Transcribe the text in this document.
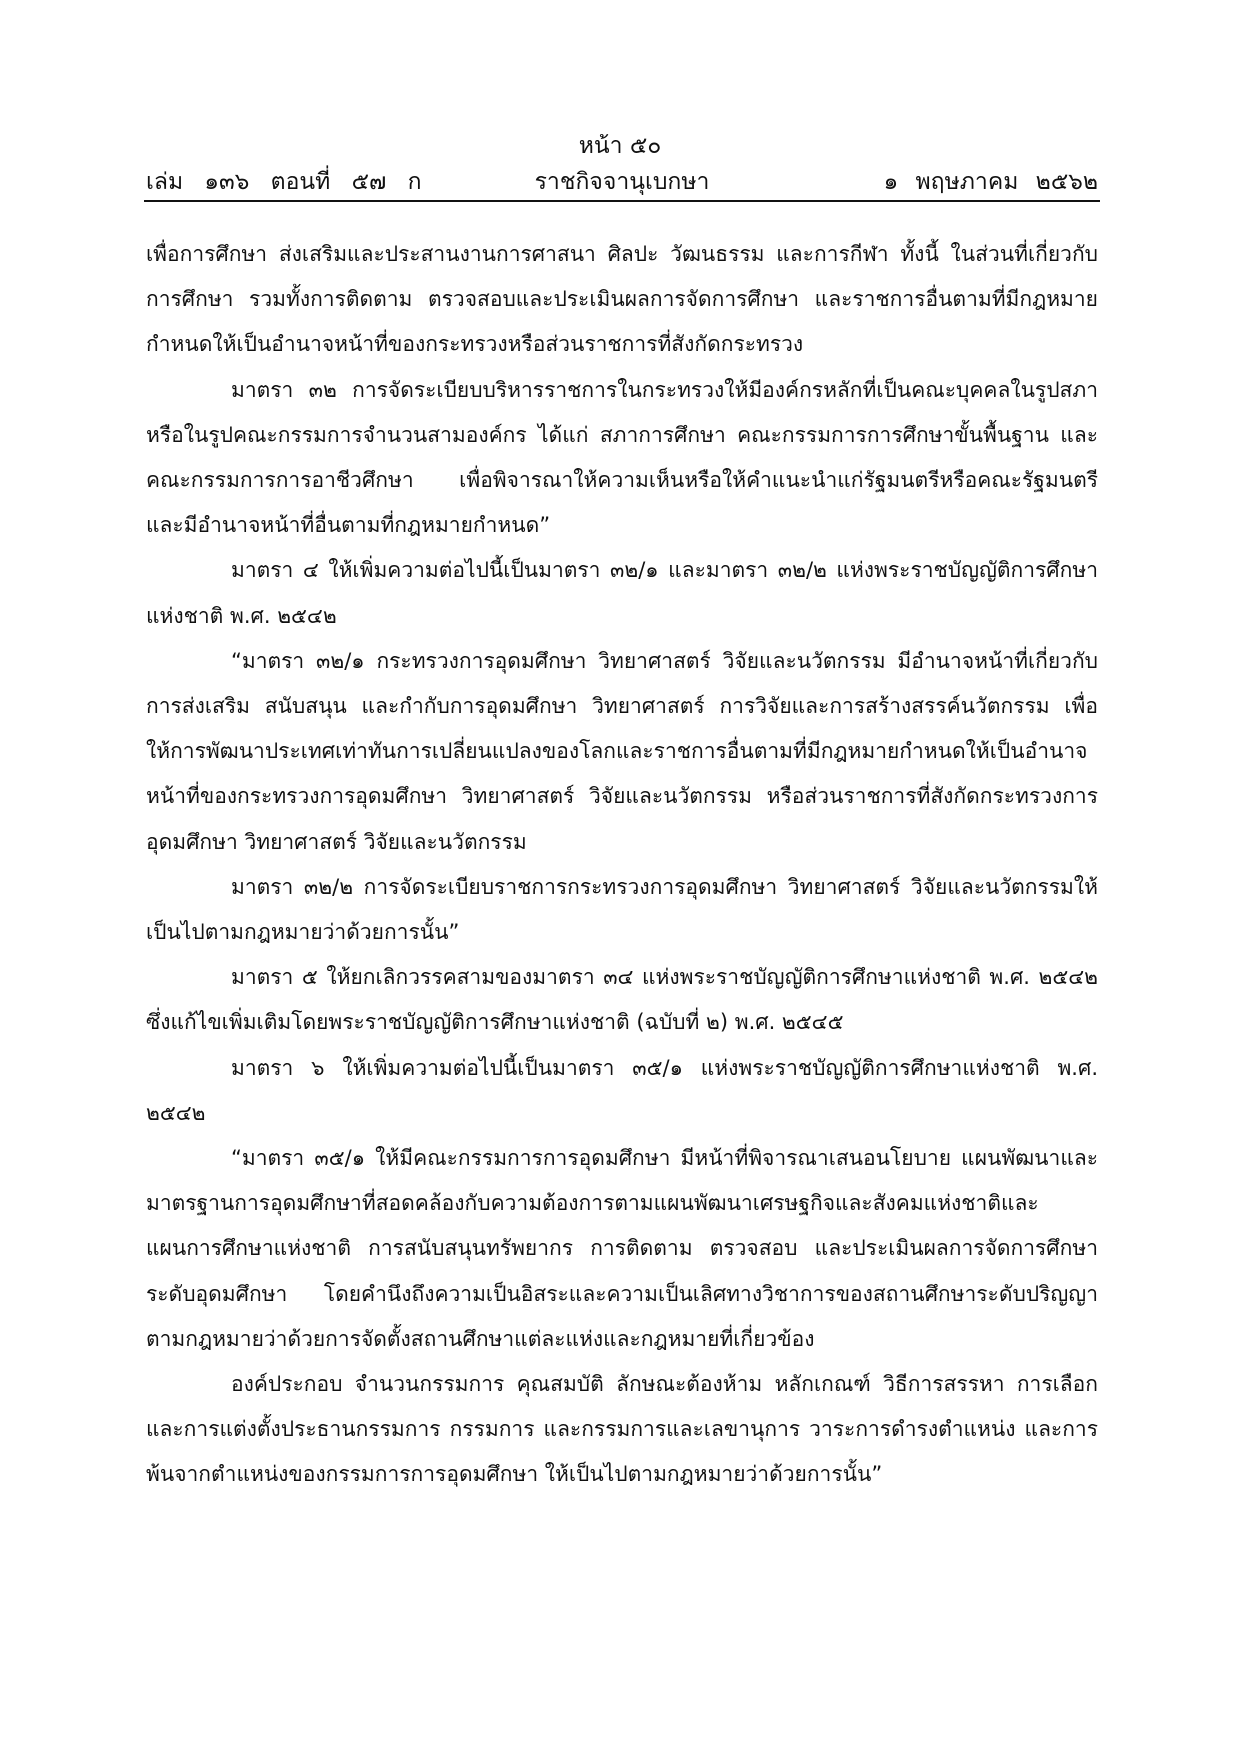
หน้า ๕๐
เล่ม ๑๓๖ ตอนที่ ๕๗ ก	ราชกิจจานุเบกษา	๑ พฤษภาคม ๒๕๖๒

เพื่อการศึกษา ส่งเสริมและประสานงานการศาสนา ศิลปะ วัฒนธรรม และการกีฬา ทั้งนี้ ในส่วนที่เกี่ยวกับการศึกษา รวมทั้งการติดตาม ตรวจสอบและประเมินผลการจัดการศึกษา และราชการอื่นตามที่มีกฎหมายกำหนดให้เป็นอำนาจหน้าที่ของกระทรวงหรือส่วนราชการที่สังกัดกระทรวง

มาตรา ๓๒ การจัดระเบียบบริหารราชการในกระทรวงให้มีองค์กรหลักที่เป็นคณะบุคคลในรูปสภาหรือในรูปคณะกรรมการจำนวนสามองค์กร ได้แก่ สภาการศึกษา คณะกรรมการการศึกษาขั้นพื้นฐาน และคณะกรรมการการอาชีวศึกษา เพื่อพิจารณาให้ความเห็นหรือให้คำแนะนำแก่รัฐมนตรีหรือคณะรัฐมนตรี และมีอำนาจหน้าที่อื่นตามที่กฎหมายกำหนด”

มาตรา ๔ ให้เพิ่มความต่อไปนี้เป็นมาตรา ๓๒/๑ และมาตรา ๓๒/๒ แห่งพระราชบัญญัติการศึกษาแห่งชาติ พ.ศ. ๒๕๔๒

“มาตรา ๓๒/๑ กระทรวงการอุดมศึกษา วิทยาศาสตร์ วิจัยและนวัตกรรม มีอำนาจหน้าที่เกี่ยวกับการส่งเสริม สนับสนุน และกำกับการอุดมศึกษา วิทยาศาสตร์ การวิจัยและการสร้างสรรค์นวัตกรรม เพื่อให้การพัฒนาประเทศเท่าทันการเปลี่ยนแปลงของโลกและราชการอื่นตามที่มีกฎหมายกำหนดให้เป็นอำนาจหน้าที่ของกระทรวงการอุดมศึกษา วิทยาศาสตร์ วิจัยและนวัตกรรม หรือส่วนราชการที่สังกัดกระทรวงการอุดมศึกษา วิทยาศาสตร์ วิจัยและนวัตกรรม

มาตรา ๓๒/๒ การจัดระเบียบราชการกระทรวงการอุดมศึกษา วิทยาศาสตร์ วิจัยและนวัตกรรมให้เป็นไปตามกฎหมายว่าด้วยการนั้น”

มาตรา ๕ ให้ยกเลิกวรรคสามของมาตรา ๓๔ แห่งพระราชบัญญัติการศึกษาแห่งชาติ พ.ศ. ๒๕๔๒ ซึ่งแก้ไขเพิ่มเติมโดยพระราชบัญญัติการศึกษาแห่งชาติ (ฉบับที่ ๒) พ.ศ. ๒๕๔๕

มาตรา ๖ ให้เพิ่มความต่อไปนี้เป็นมาตรา ๓๕/๑ แห่งพระราชบัญญัติการศึกษาแห่งชาติ พ.ศ. ๒๕๔๒

“มาตรา ๓๕/๑ ให้มีคณะกรรมการการอุดมศึกษา มีหน้าที่พิจารณาเสนอนโยบาย แผนพัฒนาและมาตรฐานการอุดมศึกษาที่สอดคล้องกับความต้องการตามแผนพัฒนาเศรษฐกิจและสังคมแห่งชาติและแผนการศึกษาแห่งชาติ การสนับสนุนทรัพยากร การติดตาม ตรวจสอบ และประเมินผลการจัดการศึกษาระดับอุดมศึกษา โดยคำนึงถึงความเป็นอิสระและความเป็นเลิศทางวิชาการของสถานศึกษาระดับปริญญาตามกฎหมายว่าด้วยการจัดตั้งสถานศึกษาแต่ละแห่งและกฎหมายที่เกี่ยวข้อง

องค์ประกอบ จำนวนกรรมการ คุณสมบัติ ลักษณะต้องห้าม หลักเกณฑ์ วิธีการสรรหา การเลือกและการแต่งตั้งประธานกรรมการ กรรมการ และกรรมการและเลขานุการ วาระการดำรงตำแหน่ง และการพ้นจากตำแหน่งของกรรมการการอุดมศึกษา ให้เป็นไปตามกฎหมายว่าด้วยการนั้น”
